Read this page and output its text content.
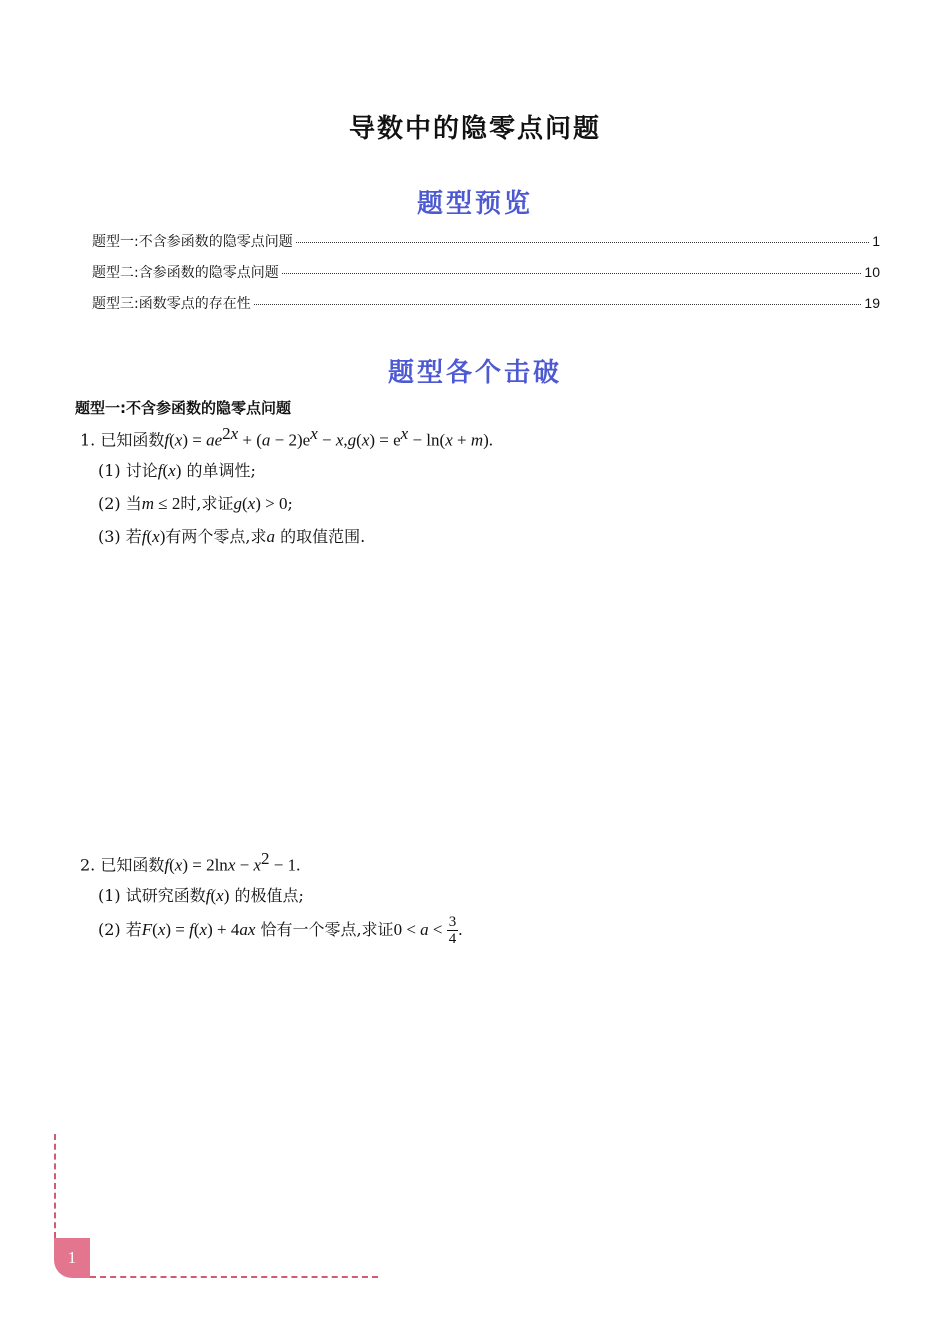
导数中的隐零点问题
题型预览
题型一:不含参函数的隐零点问题	1
题型二:含参函数的隐零点问题	10
题型三:函数零点的存在性	19
题型各个击破
题型一:不含参函数的隐零点问题
1. 已知函数$f(x) = ae^{2x} + (a - 2)e^x - x,g(x) = e^x - \ln(x + m)$.
(1) 讨论f(x) 的单调性;
(2) 当m ≤ 2时,求证g(x) > 0;
(3) 若f(x)有两个零点,求a 的取值范围.
2. 已知函数$f(x) = 2\ln x - x^2 - 1$.
(1) 试研究函数f(x) 的极值点;
(2) 若F(x) = f(x) + 4ax 恰有一个零点,求证$0 < a < \frac{3}{4}$ .
1
